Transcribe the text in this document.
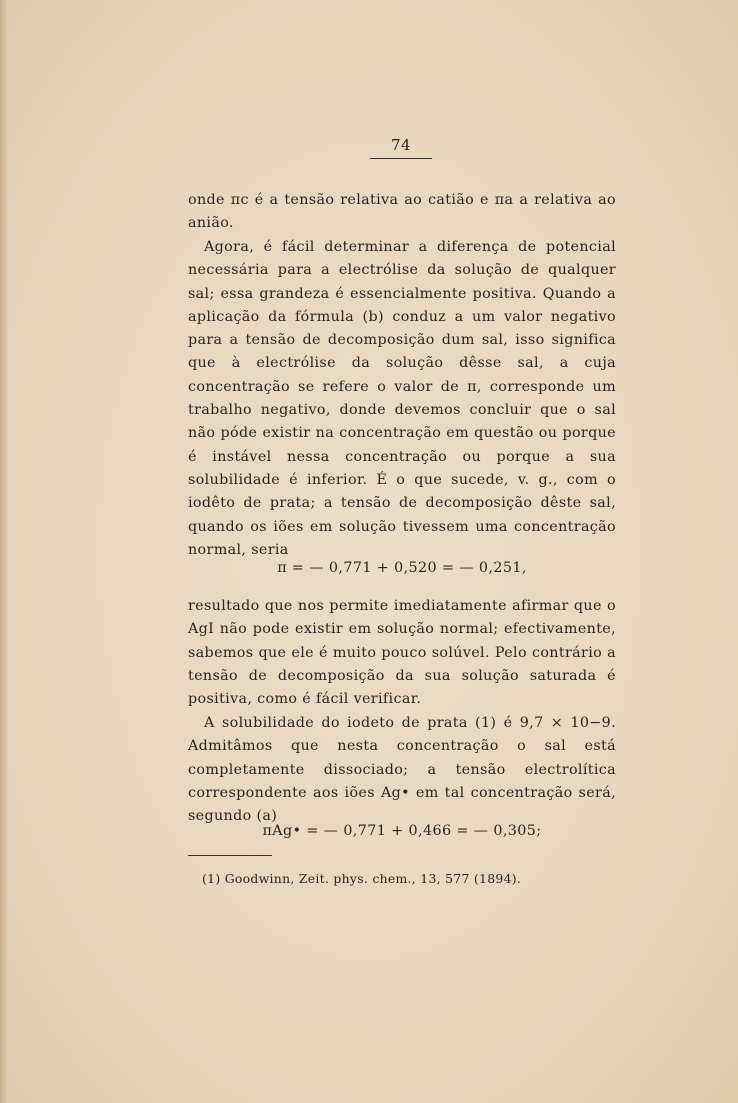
74

onde πc é a tensão relativa ao catião e πa a relativa ao anião.

Agora, é fácil determinar a diferença de potencial necessária para a electrólise da solução de qualquer sal; essa grandeza é essencialmente positiva. Quando a aplicação da fórmula (b) conduz a um valor negativo para a tensão de decomposição dum sal, isso significa que à electrólise da solução dêsse sal, a cuja concentração se refere o valor de π, corresponde um trabalho negativo, donde devemos concluir que o sal não póde existir na concentração em questão ou porque é instável nessa concentração ou porque a sua solubilidade é inferior. É o que sucede, v. g., com o iodêto de prata; a tensão de decomposição dêste sal, quando os iões em solução tivessem uma concentração normal, seria

π = — 0,771 + 0,520 = — 0,251,

resultado que nos permite imediatamente afirmar que o AgI não pode existir em solução normal; efectivamente, sabemos que ele é muito pouco solúvel. Pelo contrário a tensão de decomposição da sua solução saturada é positiva, como é fácil verificar.

A solubilidade do iodeto de prata (1) é 9,7 × 10−9. Admitâmos que nesta concentração o sal está completamente dissociado; a tensão electrolítica correspondente aos iões Ag• em tal concentração será, segundo (a)

πAg• = — 0,771 + 0,466 = — 0,305;
(1) Goodwinn, Zeit. phys. chem., 13, 577 (1894).
